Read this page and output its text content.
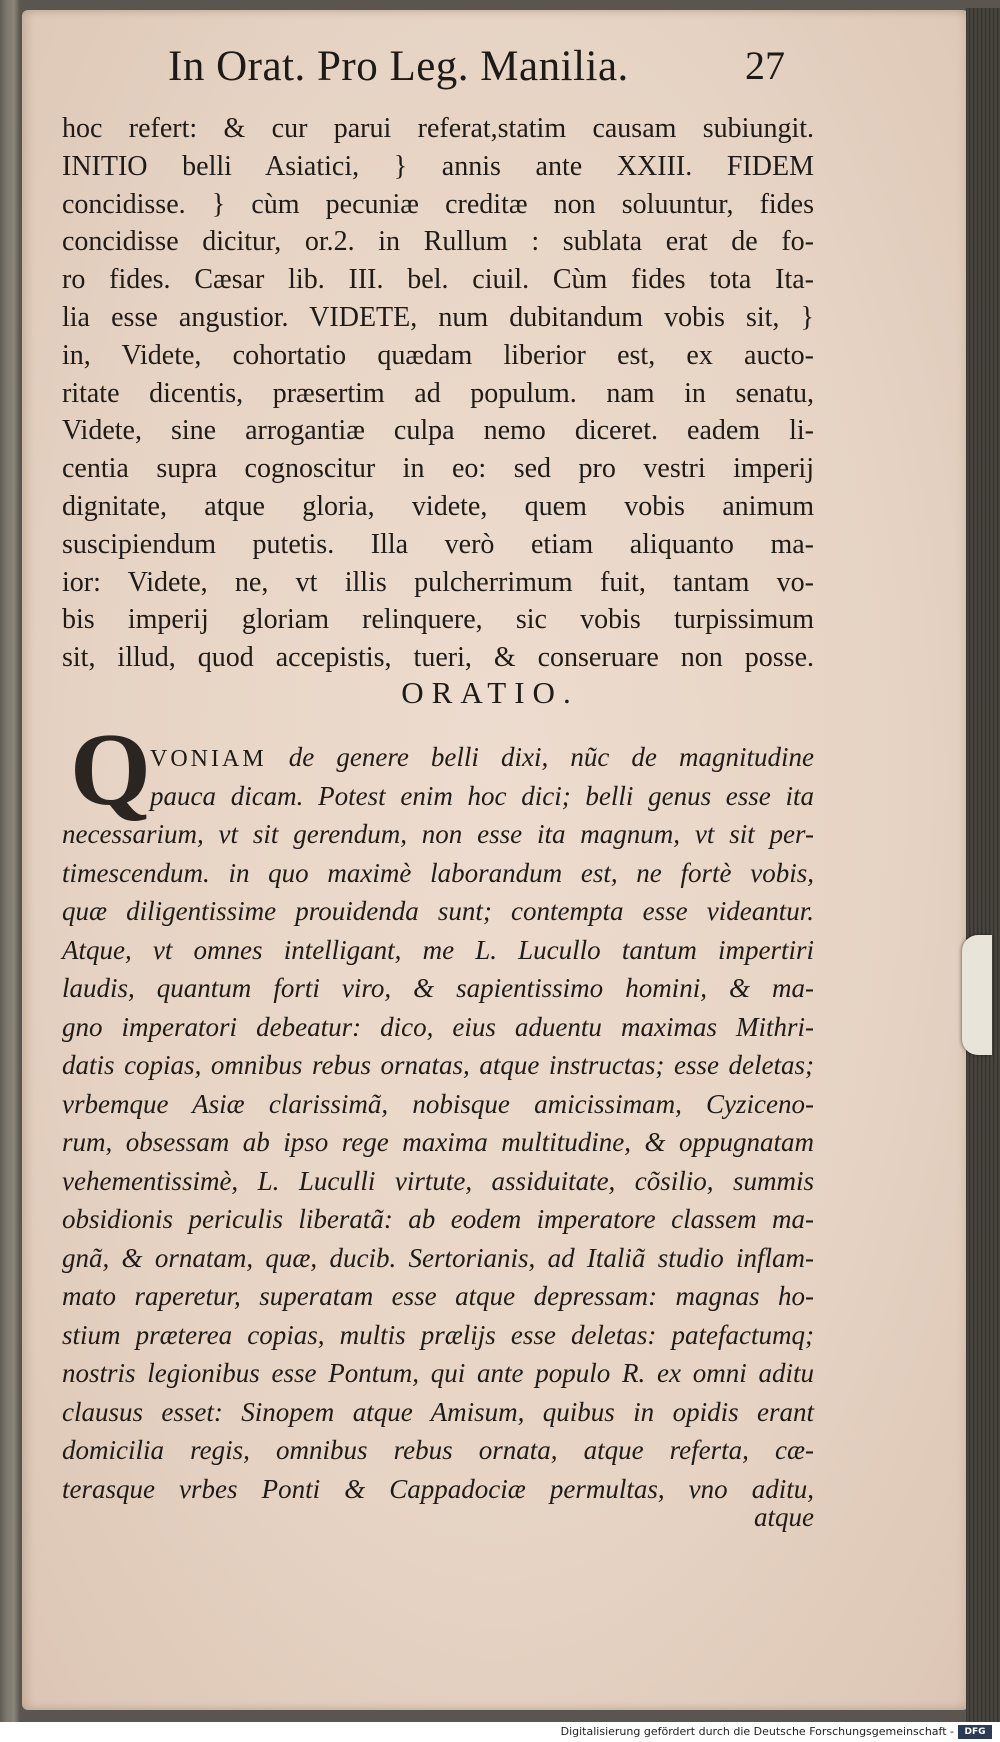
In Orat. Pro Leg. Manilia.	27
hoc refert: & cur parui referat,statim causam subiungit.
INITIO belli Asiatici, } annis ante XXIII. FIDEM
concidisse. } cùm pecuniæ creditæ non soluuntur, fides
concidisse dicitur, or.2. in Rullum : sublata erat de fo-
ro fides. Cæsar lib. III. bel. ciuil. Cùm fides tota Ita-
lia esse angustior. VIDETE, num dubitandum vobis sit, }
in, Videte, cohortatio quædam liberior est, ex aucto-
ritate dicentis, præsertim ad populum. nam in senatu,
Videte, sine arrogantiæ culpa nemo diceret. eadem li-
centia supra cognoscitur in eo: sed pro vestri imperij
dignitate, atque gloria, videte, quem vobis animum
suscipiendum putetis. Illa verò etiam aliquanto ma-
ior: Videte, ne, vt illis pulcherrimum fuit, tantam vo-
bis imperij gloriam relinquere, sic vobis turpissimum
sit, illud, quod accepistis, tueri, & conseruare non posse.
ORATIO.
Q VONIAM de genere belli dixi, nũc de magnitudine
pauca dicam. Potest enim hoc dici; belli genus esse ita
necessarium, vt sit gerendum, non esse ita magnum, vt sit per-
timescendum. in quo maximè laborandum est, ne fortè vobis,
quæ diligentissime prouidenda sunt; contempta esse videantur.
Atque, vt omnes intelligant, me L. Lucullo tantum impertiri
laudis, quantum forti viro, & sapientissimo homini, & ma-
gno imperatori debeatur: dico, eius aduentu maximas Mithri-
datis copias, omnibus rebus ornatas, atque instructas; esse deletas;
vrbemque Asiæ clarissimã, nobisque amicissimam, Cyziceno-
rum, obsessam ab ipso rege maxima multitudine, & oppugnatam
vehementissimè, L. Luculli virtute, assiduitate, cõsilio, summis
obsidionis periculis liberatã: ab eodem imperatore classem ma-
gnã, & ornatam, quæ, ducib. Sertorianis, ad Italiã studio inflam-
mato raperetur, superatam esse atque depressam: magnas ho-
stium præterea copias, multis prælijs esse deletas: patefactumq;
nostris legionibus esse Pontum, qui ante populo R. ex omni aditu
clausus esset: Sinopem atque Amisum, quibus in opidis erant
domicilia regis, omnibus rebus ornata, atque referta, cæ-
terasque vrbes Ponti & Cappadociæ permultas, vno aditu,
atque
Digitalisierung gefördert durch die Deutsche Forschungsgemeinschaft -	DFG
